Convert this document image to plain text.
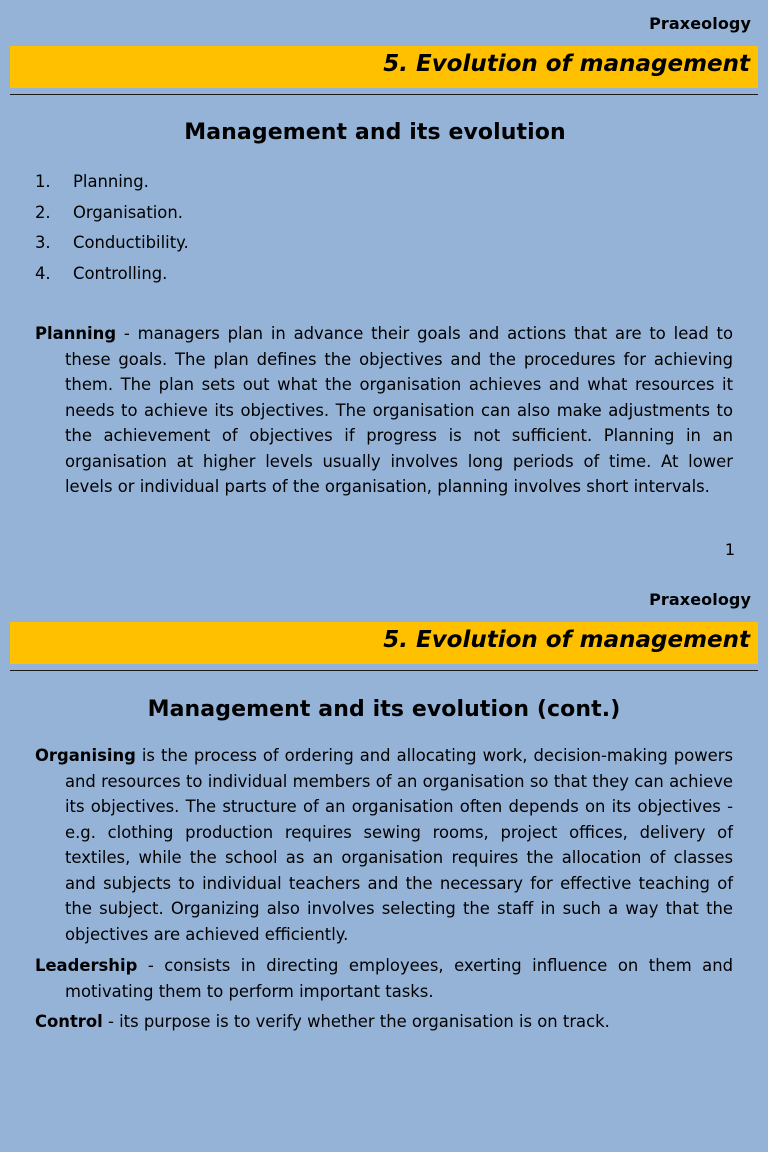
Praxeology
5. Evolution of management
Management and its evolution
1. Planning.
2. Organisation.
3. Conductibility.
4. Controlling.
Planning - managers plan in advance their goals and actions that are to lead to these goals. The plan defines the objectives and the procedures for achieving them. The plan sets out what the organisation achieves and what resources it needs to achieve its objectives. The organisation can also make adjustments to the achievement of objectives if progress is not sufficient. Planning in an organisation at higher levels usually involves long periods of time. At lower levels or individual parts of the organisation, planning involves short intervals.
1
Praxeology
5. Evolution of management
Management and its evolution (cont.)
Organising is the process of ordering and allocating work, decision-making powers and resources to individual members of an organisation so that they can achieve its objectives. The structure of an organisation often depends on its objectives - e.g. clothing production requires sewing rooms, project offices, delivery of textiles, while the school as an organisation requires the allocation of classes and subjects to individual teachers and the necessary for effective teaching of the subject. Organizing also involves selecting the staff in such a way that the objectives are achieved efficiently.
Leadership - consists in directing employees, exerting influence on them and motivating them to perform important tasks.
Control - its purpose is to verify whether the organisation is on track.
